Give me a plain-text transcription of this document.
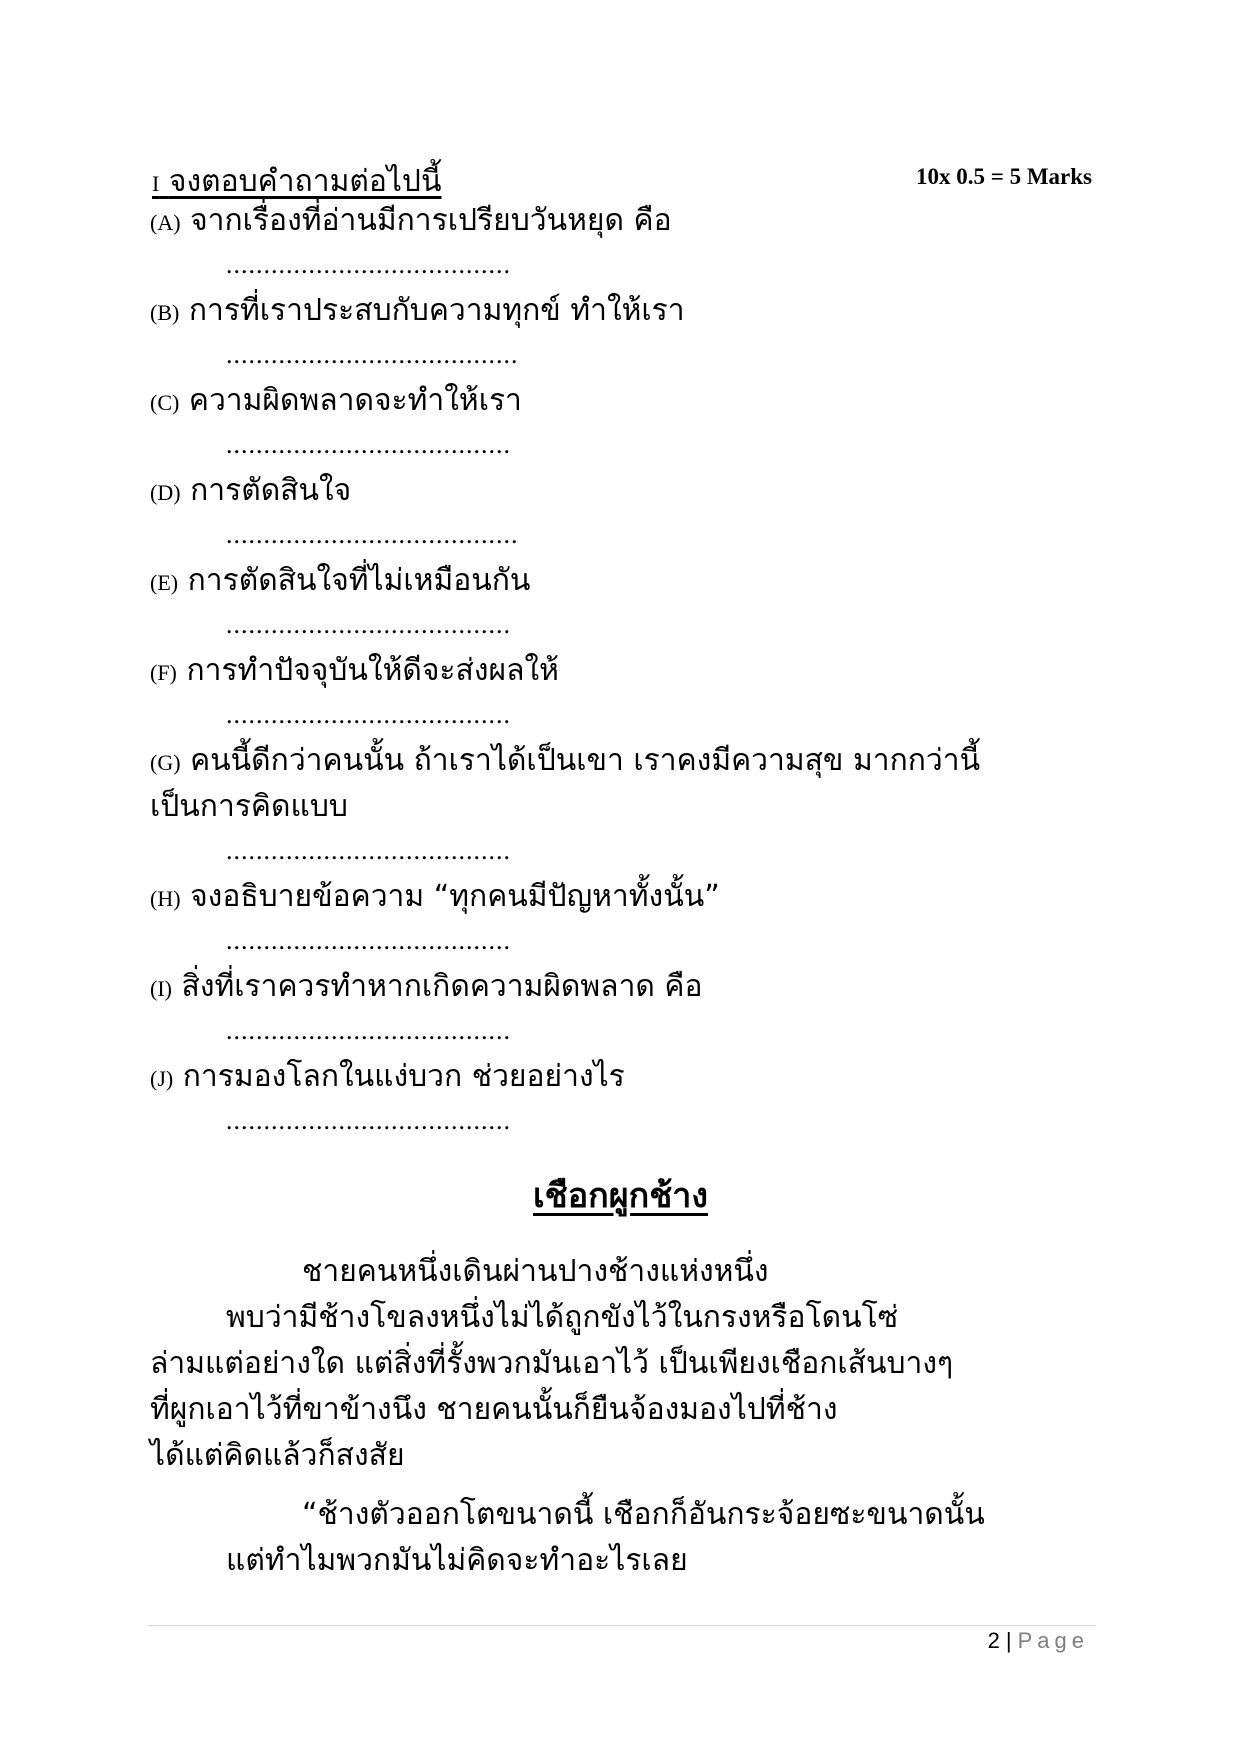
I จงตอบคำถามต่อไปนี้	10x 0.5 = 5 Marks
(A) จากเรื่องที่อ่านมีการเปรียบวันหยุด คือ
......................................
(B) การที่เราประสบกับความทุกข์ ทำให้เรา
.......................................
(C) ความผิดพลาดจะทำให้เรา
......................................
(D) การตัดสินใจ
.......................................
(E) การตัดสินใจที่ไม่เหมือนกัน
......................................
(F) การทำปัจจุบันให้ดีจะส่งผลให้
......................................
(G) คนนี้ดีกว่าคนนั้น ถ้าเราได้เป็นเขา เราคงมีความสุข มากกว่านี้
เป็นการคิดแบบ
......................................
(H) จงอธิบายข้อความ “ทุกคนมีปัญหาทั้งนั้น”
......................................
(I) สิ่งที่เราควรทำหากเกิดความผิดพลาด คือ
......................................
(J) การมองโลกในแง่บวก ช่วยอย่างไร
......................................
เชือกผูกช้าง
ชายคนหนึ่งเดินผ่านปางช้างแห่งหนึ่ง
พบว่ามีช้างโขลงหนึ่งไม่ได้ถูกขังไว้ในกรงหรือโดนโซ่
ล่ามแต่อย่างใด แต่สิ่งที่รั้งพวกมันเอาไว้ เป็นเพียงเชือกเส้นบางๆ
ที่ผูกเอาไว้ที่ขาข้างนึง ชายคนนั้นก็ยืนจ้องมองไปที่ช้าง
ได้แต่คิดแล้วก็สงสัย
“ช้างตัวออกโตขนาดนี้ เชือกก็อันกระจ้อยซะขนาดนั้น
แต่ทำไมพวกมันไม่คิดจะทำอะไรเลย
2 | Page
